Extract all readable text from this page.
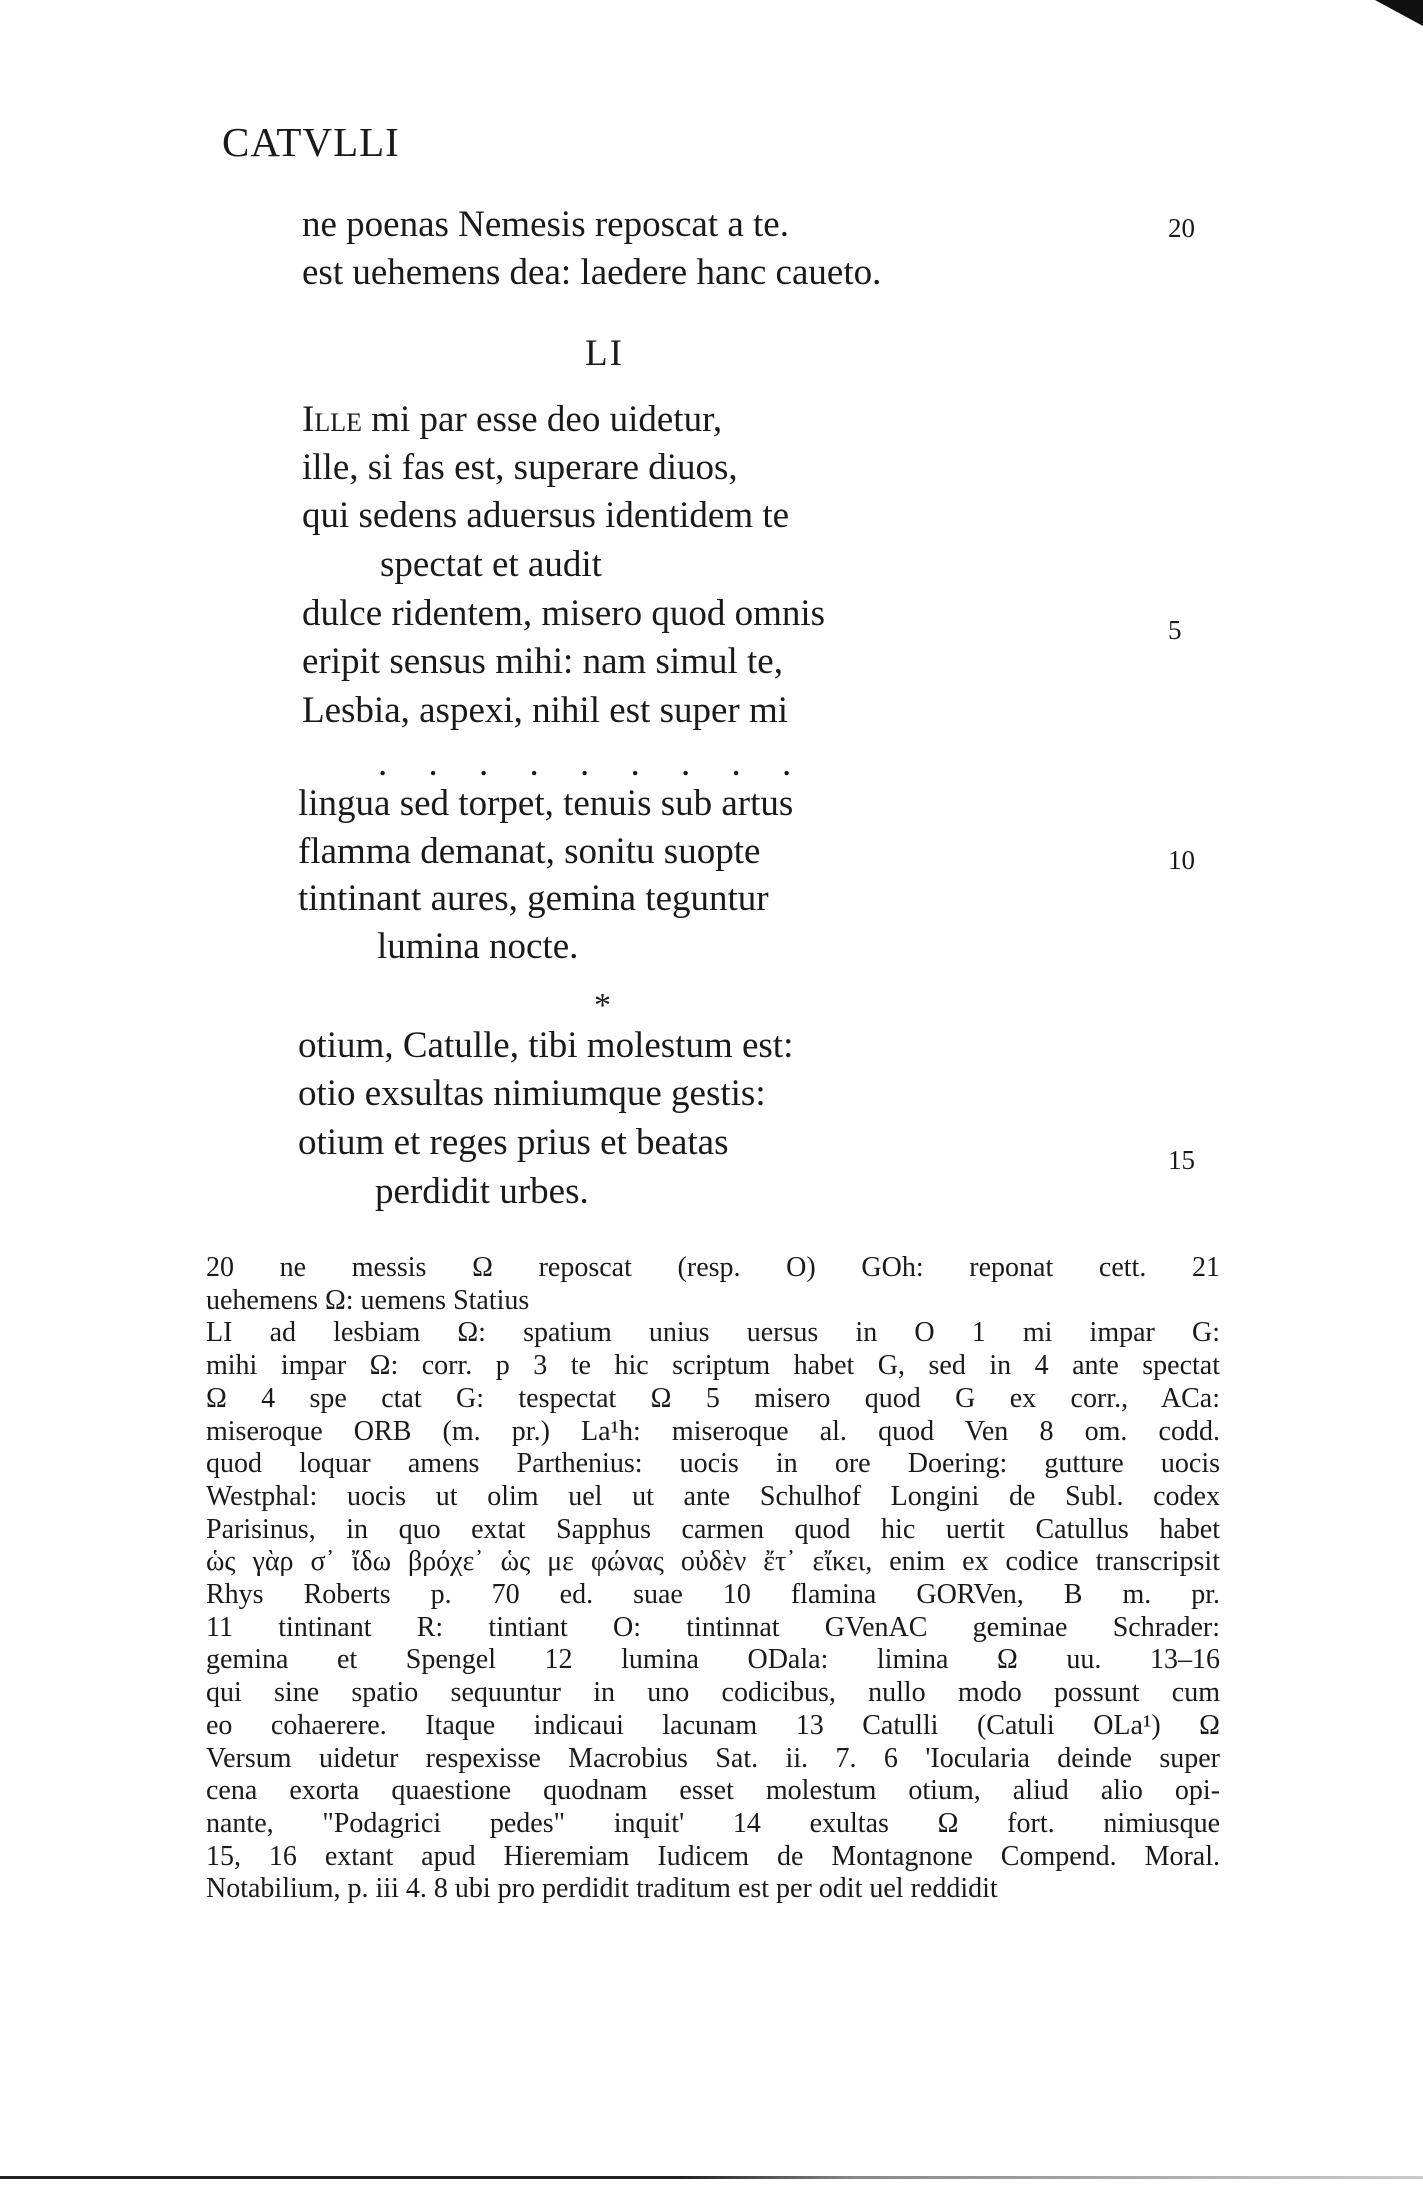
CATVLLI
ne poenas Nemesis reposcat a te.	20
est uehemens dea: laedere hanc caueto.
LI
Ille mi par esse deo uidetur,
ille, si fas est, superare diuos,
qui sedens aduersus identidem te
spectat et audit
dulce ridentem, misero quod omnis	5
eripit sensus mihi: nam simul te,
Lesbia, aspexi, nihil est super mi
. . . . . . . . .
lingua sed torpet, tenuis sub artus
flamma demanat, sonitu suopte	10
tintinant aures, gemina teguntur
lumina nocte.
*
otium, Catulle, tibi molestum est:
otio exsultas nimiumque gestis:
otium et reges prius et beatas	15
perdidit urbes.
20 ne messis Ω reposcat (resp. O) GOh: reponat cett. 21
uehemens Ω: uemens Statius
LI ad lesbiam Ω: spatium unius uersus in O 1 mi impar G:
mihi impar Ω: corr. p 3 te hic scriptum habet G, sed in 4 ante spectat
Ω 4 spe ctat G: tespectat Ω 5 misero quod G ex corr., ACa:
miseroque ORB (m. pr.) La¹h: miseroque al. quod Ven 8 om. codd.
quod loquar amens Parthenius: uocis in ore Doering: gutture uocis
Westphal: uocis ut olim uel ut ante Schulhof Longini de Subl. codex
Parisinus, in quo extat Sapphus carmen quod hic uertit Catullus habet
ὡς γὰρ σ᾽ ἴδω βρόχε᾽ ὡς με φώνας οὐδὲν ἔτ᾽ εἴκει, enim ex codice transcripsit
Rhys Roberts p. 70 ed. suae 10 flamina GORVen, B m. pr.
11 tintinant R: tintiant O: tintinnat GVenAC geminae Schrader:
gemina et Spengel 12 lumina ODala: limina Ω uu. 13–16
qui sine spatio sequuntur in uno codicibus, nullo modo possunt cum
eo cohaerere. Itaque indicaui lacunam 13 Catulli (Catuli OLa¹) Ω
Versum uidetur respexisse Macrobius Sat. ii. 7. 6 'Iocularia deinde super
cena exorta quaestione quodnam esset molestum otium, aliud alio opi-
nante, "Podagrici pedes" inquit' 14 exultas Ω fort. nimiusque
15, 16 extant apud Hieremiam Iudicem de Montagnone Compend. Moral.
Notabilium, p. iii 4. 8 ubi pro perdidit traditum est per odit uel reddidit
